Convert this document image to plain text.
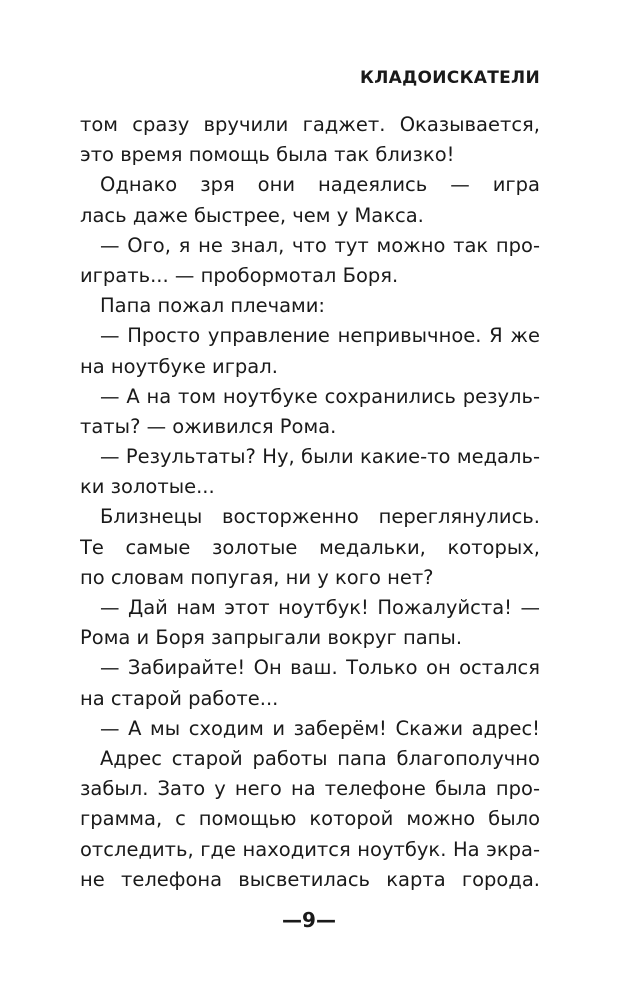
КЛАДОИСКАТЕЛИ
том сразу вручили гаджет. Оказывается,
это время помощь была так близко!
Однако зря они надеялись — игра
лась даже быстрее, чем у Макса.
— Ого, я не знал, что тут можно так про-
играть... — пробормотал Боря.
Папа пожал плечами:
— Просто управление непривычное. Я же
на ноутбуке играл.
— А на том ноутбуке сохранились резуль-
таты? — оживился Рома.
— Результаты? Ну, были какие-то медаль-
ки золотые...
Близнецы восторженно переглянулись.
Те самые золотые медальки, которых,
по словам попугая, ни у кого нет?
— Дай нам этот ноутбук! Пожалуйста! —
Рома и Боря запрыгали вокруг папы.
— Забирайте! Он ваш. Только он остался
на старой работе...
— А мы сходим и заберём! Скажи адрес!
Адрес старой работы папа благополучно
забыл. Зато у него на телефоне была про-
грамма, с помощью которой можно было
отследить, где находится ноутбук. На экра-
не телефона высветилась карта города.
—9—
